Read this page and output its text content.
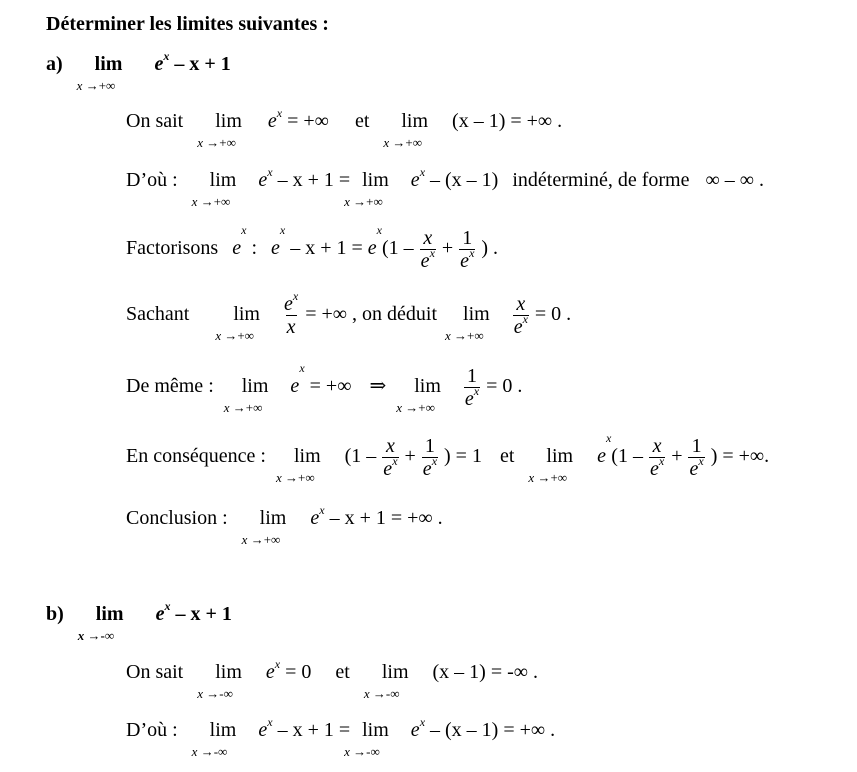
Déterminer les limites suivantes :
a) lim
x →+∞
$e^x - x + 1$
On sait lim
x →+∞
$e^x$ = +∞ et lim
x →+∞
(x – 1) = +∞ .
D’où : lim
x →+∞
$e^x - x + 1 = \lim$
x →+∞
$e^x - (x - 1)$ indéterminé, de forme ∞ – ∞ .
Factorisons $e^x$ : $e^x - x + 1 = e^x(1 - \frac{x}{e^x} + \frac{1}{e^x}$ ) .
Sachant lim
x →+∞
$\frac{e^x}{x}$ = +∞ , on déduit lim
x →+∞
$\frac{x}{e^x} = 0$ .
De même : lim
x →+∞
$e^x$ = +∞ ⇒ lim
x →+∞
$\frac{1}{e^x} = 0$ .
En conséquence : lim
x →+∞
($1 - \frac{x}{e^x} + \frac{1}{e^x}$ ) = 1 et lim
x →+∞
$e^x(1 - \frac{x}{e^x} + \frac{1}{e^x}$ ) = +∞.
Conclusion : lim
x →+∞
$e^x - x + 1$ = +∞ .
b) lim
x →-∞
$e^x - x + 1$
On sait lim
x →-∞
$e^x = 0$ et lim
x →-∞
(x – 1) = -∞ .
D’où : lim
x →-∞
$e^x - x + 1 = \lim$
x →-∞
$e^x - (x - 1)$ = +∞ .
